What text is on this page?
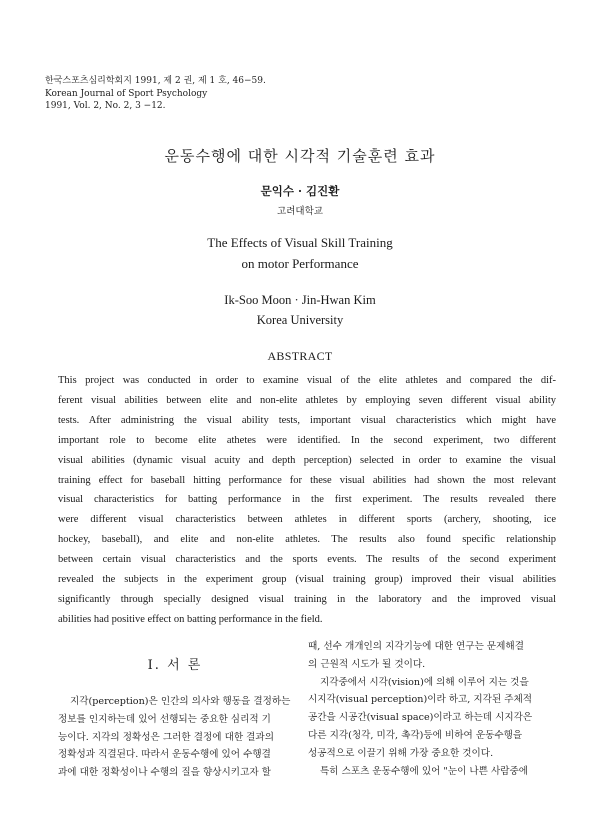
한국스포츠심리학회지 1991, 제 2 권, 제 1 호, 46−59.
Korean Journal of Sport Psychology
1991, Vol. 2, No. 2, 3 −12.
운동수행에 대한 시각적 기술훈련 효과
문익수 · 김진환
고려대학교
The Effects of Visual Skill Training
on motor Performance
Ik-Soo Moon · Jin-Hwan Kim
Korea University
ABSTRACT
This project was conducted in order to examine visual of the elite athletes and compared the dif-
ferent visual abilities between elite and non-elite athletes by employing seven different visual ability
tests. After administring the visual ability tests, important visual characteristics which might have
important role to become elite athetes were identified. In the second experiment, two different
visual abilities (dynamic visual acuity and depth perception) selected in order to examine the visual
training effect for baseball hitting performance for these visual abilities had shown the most relevant
visual characteristics for batting performance in the first experiment. The results revealed there
were different visual characteristics between athletes in different sports (archery, shooting, ice
hockey, baseball), and elite and non-elite athletes. The results also found specific relationship
between certain visual characteristics and the sports events. The results of the second experiment
revealed the subjects in the experiment group (visual training group) improved their visual abilities
significantly through specially designed visual training in the laboratory and the improved visual
abilities had positive effect on batting performance in the field.
Ⅰ. 서 론
지각(perception)은 인간의 의사와 행동을 결정하는
정보를 인지하는데 있어 선행되는 중요한 심리적 기
능이다. 지각의 정확성은 그러한 결정에 대한 결과의
정확성과 직결된다. 따라서 운동수행에 있어 수행결
과에 대한 정확성이나 수행의 질을 향상시키고자 할
때, 선수 개개인의 지각기능에 대한 연구는 문제해결
의 근원적 시도가 될 것이다.
지각중에서 시각(vision)에 의해 이루어 지는 것을
시지각(visual perception)이라 하고, 지각된 주체적
공간을 시공간(visual space)이라고 하는데 시지각은
다른 지각(청각, 미각, 촉각)등에 비하여 운동수행을
성공적으로 이끌기 위해 가장 중요한 것이다.
특히 스포츠 운동수행에 있어 "눈이 나쁜 사람중에
